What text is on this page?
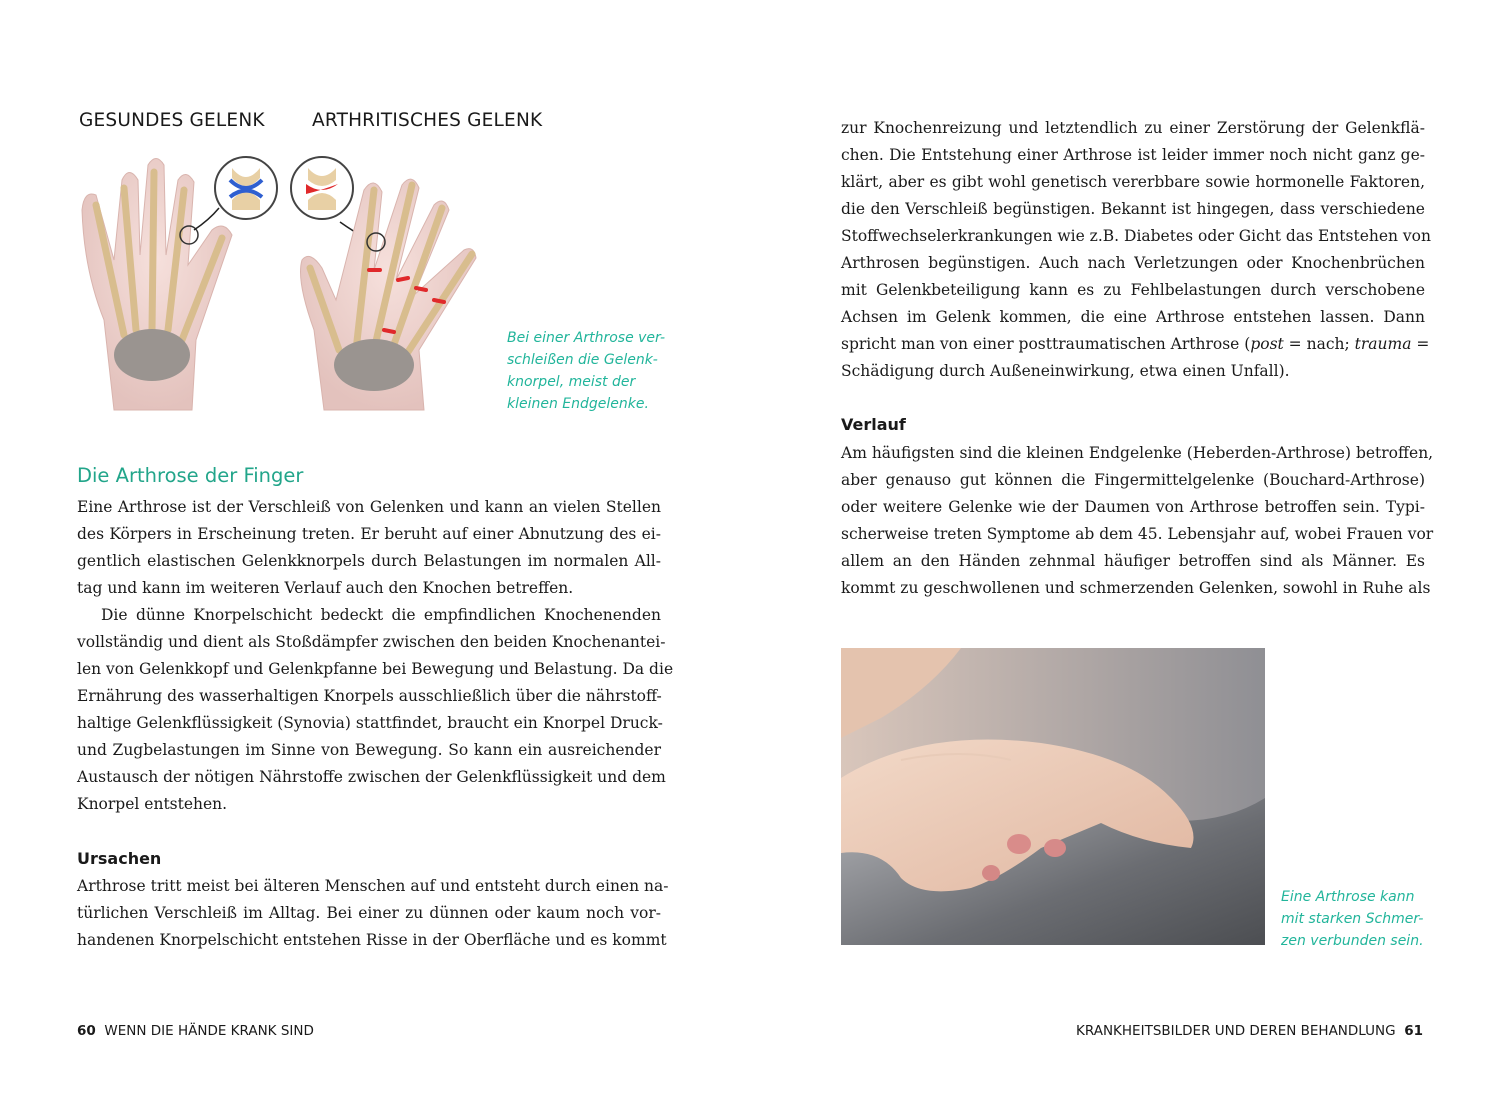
GESUNDES GELENK	ARTHRITISCHES GELENK

Bei einer Arthrose ver-
schleißen die Gelenk-
knorpel, meist der
kleinen Endgelenke.

Die Arthrose der Finger

Eine Arthrose ist der Verschleiß von Gelenken und kann an vielen Stellen
des Körpers in Erscheinung treten. Er beruht auf einer Abnutzung des ei-
gentlich elastischen Gelenkknorpels durch Belastungen im normalen All-
tag und kann im weiteren Verlauf auch den Knochen betreffen.

Die dünne Knorpelschicht bedeckt die empfindlichen Knochenenden
vollständig und dient als Stoßdämpfer zwischen den beiden Knochenantei-
len von Gelenkkopf und Gelenkpfanne bei Bewegung und Belastung. Da die
Ernährung des wasserhaltigen Knorpels ausschließlich über die nährstoff-
haltige Gelenkflüssigkeit (Synovia) stattfindet, braucht ein Knorpel Druck-
und Zugbelastungen im Sinne von Bewegung. So kann ein ausreichender
Austausch der nötigen Nährstoffe zwischen der Gelenkflüssigkeit und dem
Knorpel entstehen.

Ursachen

Arthrose tritt meist bei älteren Menschen auf und entsteht durch einen na-
türlichen Verschleiß im Alltag. Bei einer zu dünnen oder kaum noch vor-
handenen Knorpelschicht entstehen Risse in der Oberfläche und es kommt

60 WENN DIE HÄNDE KRANK SIND

zur Knochenreizung und letztendlich zu einer Zerstörung der Gelenkflä-
chen. Die Entstehung einer Arthrose ist leider immer noch nicht ganz ge-
klärt, aber es gibt wohl genetisch vererbbare sowie hormonelle Faktoren,
die den Verschleiß begünstigen. Bekannt ist hingegen, dass verschiedene
Stoffwechselerkrankungen wie z.B. Diabetes oder Gicht das Entstehen von
Arthrosen begünstigen. Auch nach Verletzungen oder Knochenbrüchen
mit Gelenkbeteiligung kann es zu Fehlbelastungen durch verschobene
Achsen im Gelenk kommen, die eine Arthrose entstehen lassen. Dann
spricht man von einer posttraumatischen Arthrose (post = nach; trauma =
Schädigung durch Außeneinwirkung, etwa einen Unfall).

Verlauf

Am häufigsten sind die kleinen Endgelenke (Heberden-Arthrose) betroffen,
aber genauso gut können die Fingermittelgelenke (Bouchard-Arthrose)
oder weitere Gelenke wie der Daumen von Arthrose betroffen sein. Typi-
scherweise treten Symptome ab dem 45. Lebensjahr auf, wobei Frauen vor
allem an den Händen zehnmal häufiger betroffen sind als Männer. Es
kommt zu geschwollenen und schmerzenden Gelenken, sowohl in Ruhe als

Eine Arthrose kann
mit starken Schmer-
zen verbunden sein.

KRANKHEITSBILDER UND DEREN BEHANDLUNG 61
